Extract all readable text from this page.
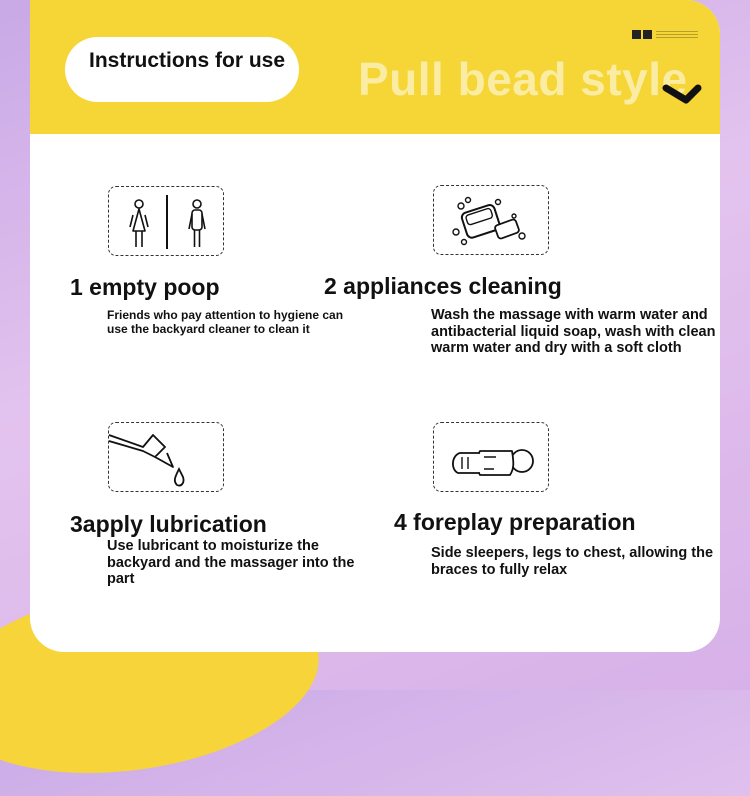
Instructions for use Pull bead style
1 empty poop
Friends who pay attention to hygiene can use the backyard cleaner to clean it
2 appliances cleaning
Wash the massage with warm water and antibacterial liquid soap, wash with clean warm water and dry with a soft cloth
3apply lubrication
Use lubricant to moisturize the backyard and the massager into the part
4 foreplay preparation
Side sleepers, legs to chest, allowing the braces to fully relax
